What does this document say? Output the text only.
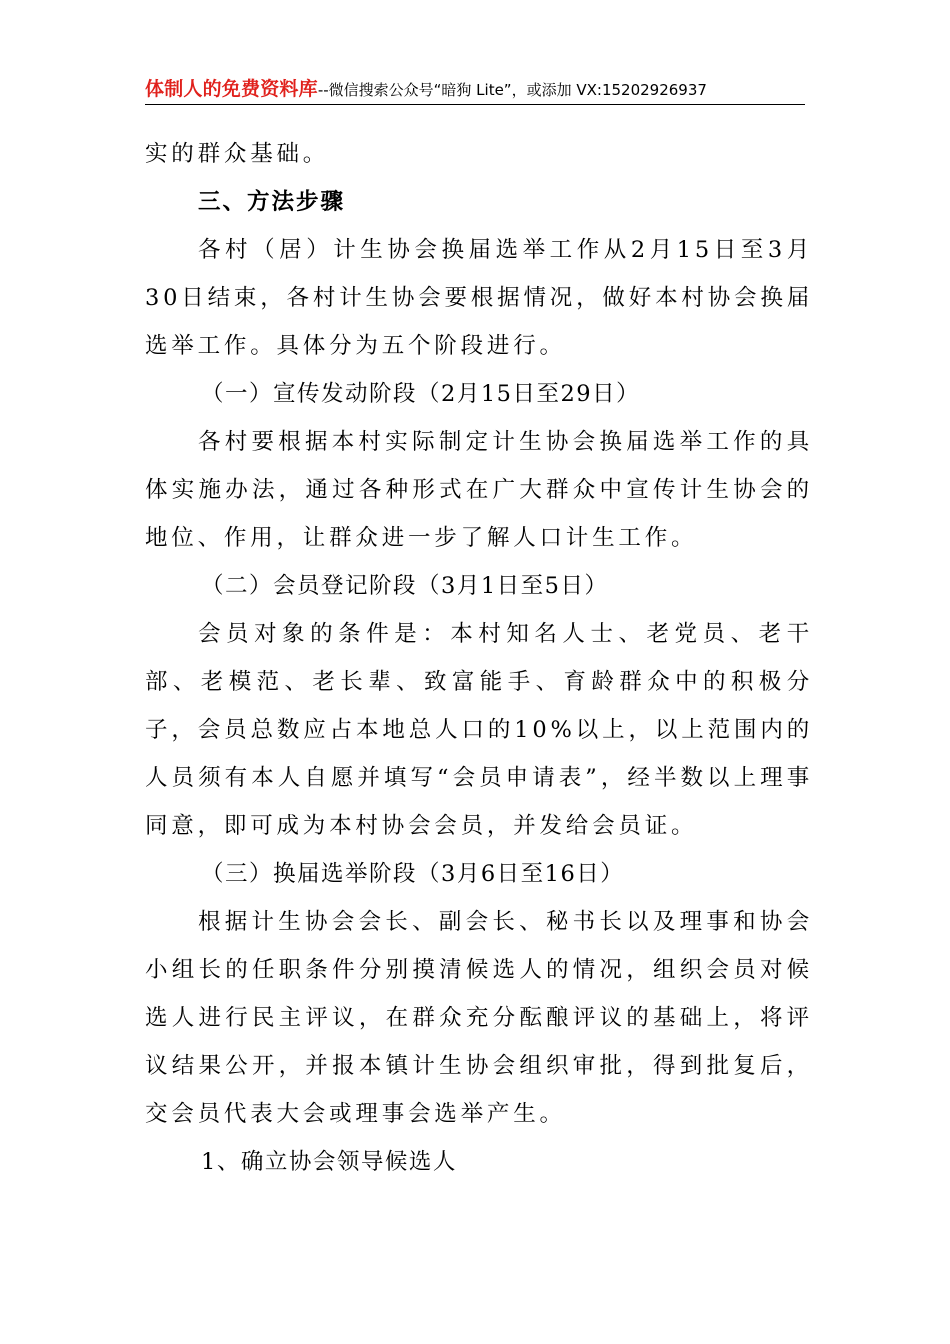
体制人的免费资料库--微信搜索公众号“暗狗 Lite”，或添加 VX:15202926937

实的群众基础。

三、方法步骤

各村（居）计生协会换届选举工作从2月15日至3月30日结束，各村计生协会要根据情况，做好本村协会换届选举工作。具体分为五个阶段进行。

（一）宣传发动阶段（2月15日至29日）

各村要根据本村实际制定计生协会换届选举工作的具体实施办法，通过各种形式在广大群众中宣传计生协会的地位、作用，让群众进一步了解人口计生工作。

（二）会员登记阶段（3月1日至5日）

会员对象的条件是：本村知名人士、老党员、老干部、老模范、老长辈、致富能手、育龄群众中的积极分子，会员总数应占本地总人口的10%以上，以上范围内的人员须有本人自愿并填写“会员申请表”，经半数以上理事同意，即可成为本村协会会员，并发给会员证。

（三）换届选举阶段（3月6日至16日）

根据计生协会会长、副会长、秘书长以及理事和协会小组长的任职条件分别摸清候选人的情况，组织会员对候选人进行民主评议，在群众充分酝酿评议的基础上，将评议结果公开，并报本镇计生协会组织审批，得到批复后，交会员代表大会或理事会选举产生。

1、确立协会领导候选人
